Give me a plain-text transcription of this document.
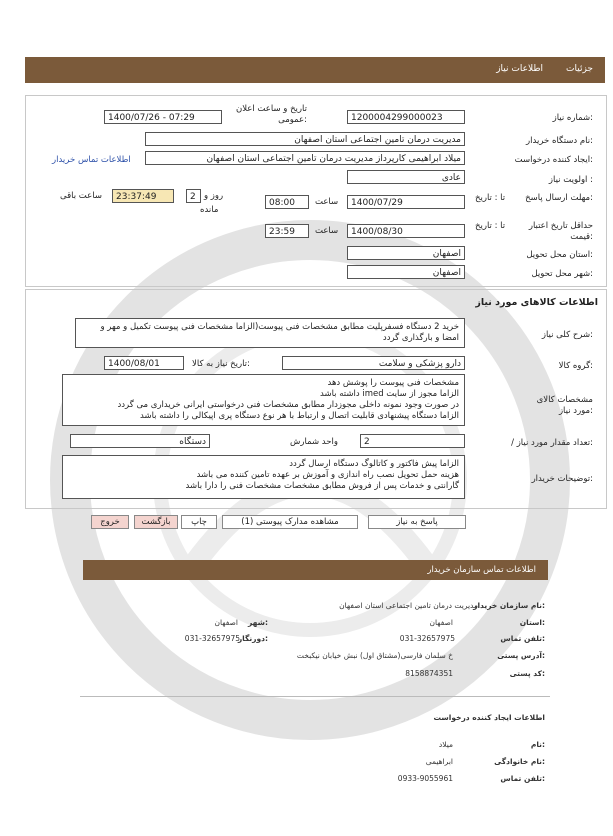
جزئیات
اطلاعات نیاز
شماره نیاز:
1200004299000023
تاریخ و ساعت اعلان عمومی:
1400/07/26 - 07:29
نام دستگاه خریدار:
مدیریت درمان تامین اجتماعی استان اصفهان
ایجاد کننده درخواست:
میلاد ابراهیمی کارپرداز مدیریت درمان تامین اجتماعی استان اصفهان
اطلاعات تماس خریدار
اولویت نیاز :
عادی
مهلت ارسال پاسخ:
تا : تاریخ
1400/07/29
ساعت
08:00
2 روز و
مانده
23:37:49
ساعت باقی
حداقل تاریخ اعتبار قیمت:
تا : تاریخ
1400/08/30
ساعت
23:59
استان محل تحویل:
اصفهان
شهر محل تحویل:
اصفهان
اطلاعات کالاهای مورد نیاز
شرح کلی نیاز:
خرید 2 دستگاه فسفرپلیت مطابق مشخصات فنی پیوست(الزاما مشخصات فنی پیوست تکمیل و مهر و امضا و بارگذاری گردد
گروه کالا:
دارو پزشکی و سلامت
تاریخ نیاز به کالا:
1400/08/01
مشخصات کالای مورد نیاز:
مشخصات فنی پیوست را پوشش دهد
الزاما مجوز از سایت imed داشته باشد
در صورت وجود نمونه داخلی مجوزدار مطابق مشخصات فنی درخواستی ایرانی خریداری می گردد
الزاما دستگاه پیشنهادی قابلیت اتصال و ارتباط با هر نوع دستگاه پری اپیکالی را داشته باشد
/ تعداد مقدار مورد نیاز:
2
واحد شمارش
دستگاه
توضیحات خریدار:
الزاما پیش فاکتور و کاتالوگ دستگاه ارسال گردد
هزینه حمل تحویل نصب راه اندازی و آموزش بر عهده تامین کننده می باشد
گارانتی و خدمات پس از فروش مطابق مشخصات مشخصات فنی را دارا باشد
پاسخ به نیاز
مشاهده مدارک پیوستی (1)
چاپ
بازگشت
خروج
اطلاعات تماس سازمان خریدار
نام سازمان خریدار:
مدیریت درمان تامین اجتماعی استان اصفهان
استان:
اصفهان
شهر:
اصفهان
تلفن تماس:
031-32657975
دورنگار:
031-32657975
آدرس پستی:
خ سلمان فارسی(مشتاق اول) نبش خیابان نیکبخت
کد پستی:
8158874351
اطلاعات ایجاد کننده درخواست
نام:
میلاد
نام خانوادگی:
ابراهیمی
تلفن تماس:
0933-9055961
